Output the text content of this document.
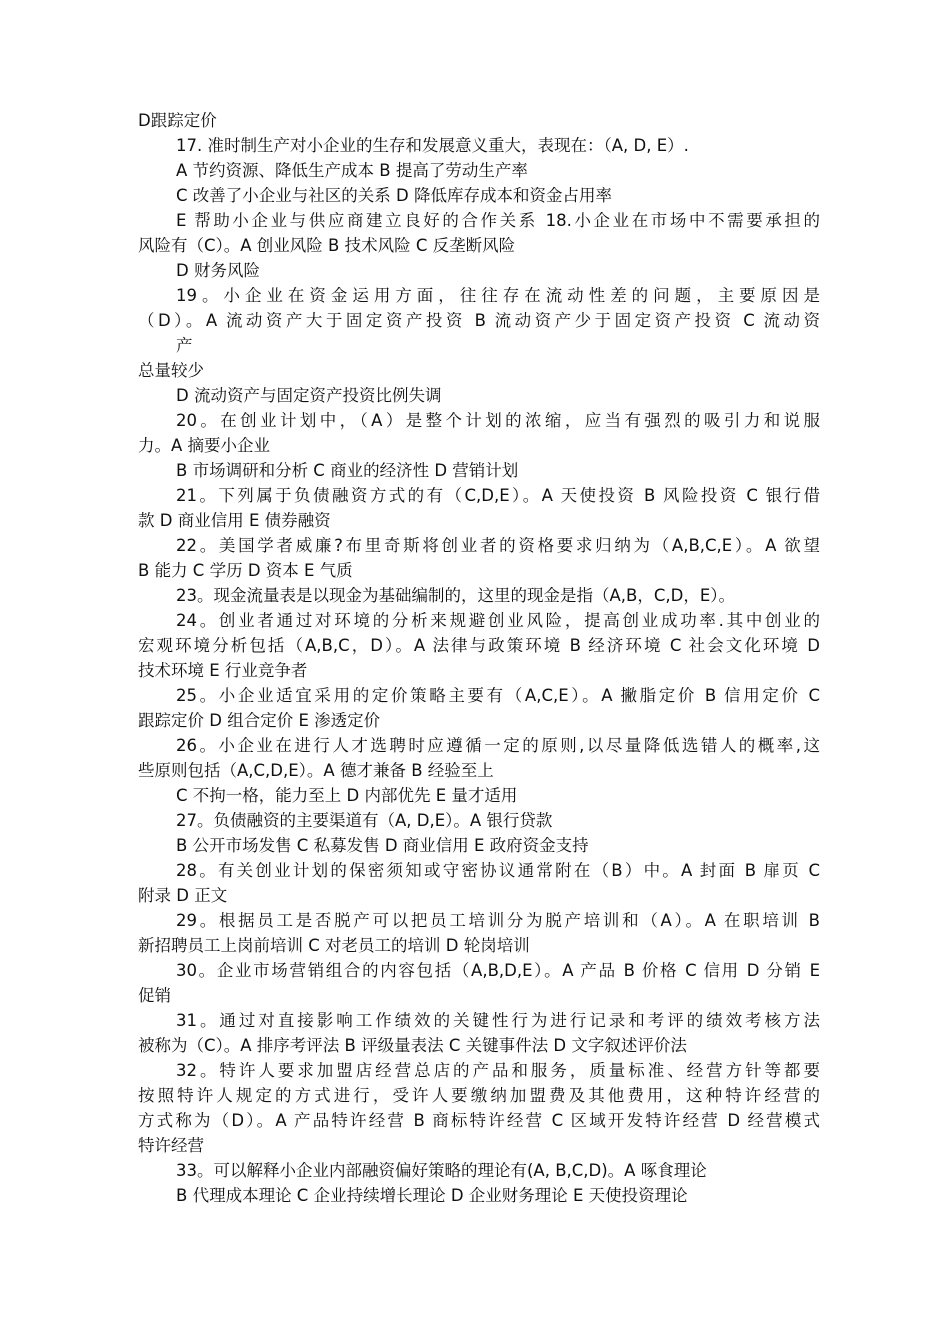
D跟踪定价
17. 准时制生产对小企业的生存和发展意义重大，表现在：（A, D, E）.
A 节约资源、降低生产成本 B 提高了劳动生产率
C 改善了小企业与社区的关系 D 降低库存成本和资金占用率
E 帮助小企业与供应商建立良好的合作关系 18.小企业在市场中不需要承担的
风险有（C）。A 创业风险 B 技术风险 C 反垄断风险
D 财务风险
19。小企业在资金运用方面，往往存在流动性差的问题，主要原因是
（D）。A 流动资产大于固定资产投资 B 流动资产少于固定资产投资 C 流动资
产
总量较少
D 流动资产与固定资产投资比例失调
20。在创业计划中，（A）是整个计划的浓缩，应当有强烈的吸引力和说服
力。A 摘要小企业
B 市场调研和分析 C 商业的经济性 D 营销计划
21。下列属于负债融资方式的有（C,D,E）。A 天使投资 B 风险投资 C 银行借
款 D 商业信用 E 债券融资
22。美国学者威廉?布里奇斯将创业者的资格要求归纳为（A,B,C,E）。A 欲望
B 能力 C 学历 D 资本 E 气质
23。现金流量表是以现金为基础编制的，这里的现金是指（A,B，C,D，E）。
24。创业者通过对环境的分析来规避创业风险，提高创业成功率.其中创业的
宏观环境分析包括（A,B,C，D）。A 法律与政策环境 B 经济环境 C 社会文化环境 D
技术环境 E 行业竞争者
25。小企业适宜采用的定价策略主要有（A,C,E）。A 撇脂定价 B 信用定价 C
跟踪定价 D 组合定价 E 渗透定价
26。小企业在进行人才选聘时应遵循一定的原则,以尽量降低选错人的概率,这
些原则包括（A,C,D,E）。A 德才兼备 B 经验至上
C 不拘一格，能力至上 D 内部优先 E 量才适用
27。负债融资的主要渠道有（A, D,E）。A 银行贷款
B 公开市场发售 C 私募发售 D 商业信用 E 政府资金支持
28。有关创业计划的保密须知或守密协议通常附在（B）中。A 封面 B 扉页 C
附录 D 正文
29。根据员工是否脱产可以把员工培训分为脱产培训和（A）。A 在职培训 B
新招聘员工上岗前培训 C 对老员工的培训 D 轮岗培训
30。企业市场营销组合的内容包括（A,B,D,E）。A 产品 B 价格 C 信用 D 分销 E
促销
31。通过对直接影响工作绩效的关键性行为进行记录和考评的绩效考核方法
被称为（C）。A 排序考评法 B 评级量表法 C 关键事件法 D 文字叙述评价法
32。特许人要求加盟店经营总店的产品和服务，质量标准、经营方针等都要
按照特许人规定的方式进行，受许人要缴纳加盟费及其他费用，这种特许经营的
方式称为（D）。A 产品特许经营 B 商标特许经营 C 区域开发特许经营 D 经营模式
特许经营
33。可以解释小企业内部融资偏好策略的理论有(A, B,C,D)。A 啄食理论
B 代理成本理论 C 企业持续增长理论 D 企业财务理论 E 天使投资理论
